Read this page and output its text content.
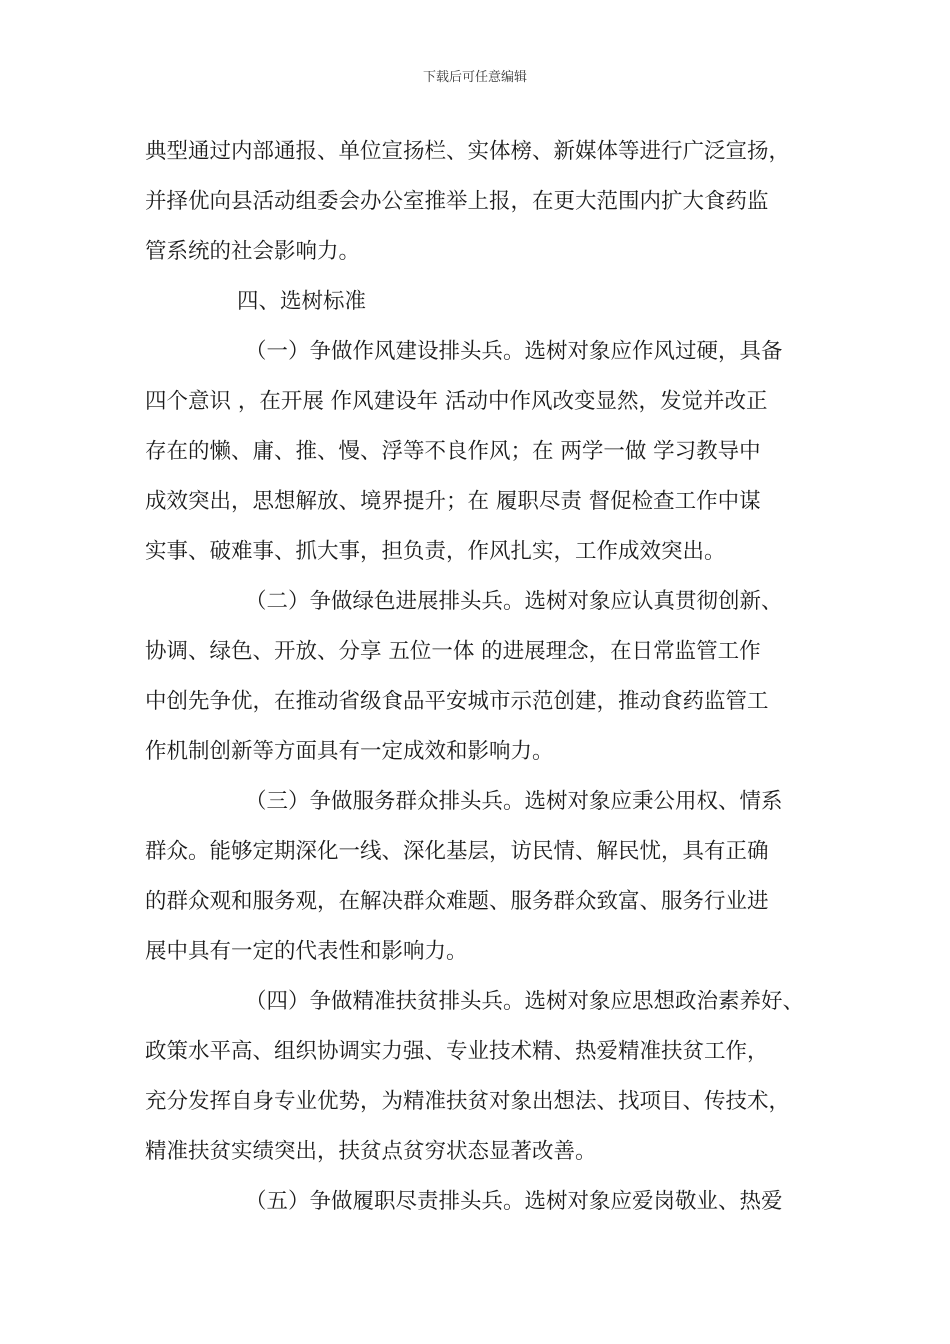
下载后可任意编辑
典型通过内部通报、单位宣扬栏、实体榜、新媒体等进行广泛宣扬，
并择优向县活动组委会办公室推举上报，在更大范围内扩大食药监
管系统的社会影响力。
四、选树标准
（一）争做作风建设排头兵。选树对象应作风过硬，具备
四个意识 ，在开展 作风建设年 活动中作风改变显然，发觉并改正
存在的懒、庸、推、慢、浮等不良作风；在 两学一做 学习教导中
成效突出，思想解放、境界提升；在 履职尽责 督促检查工作中谋
实事、破难事、抓大事，担负责，作风扎实，工作成效突出。
（二）争做绿色进展排头兵。选树对象应认真贯彻创新、
协调、绿色、开放、分享 五位一体 的进展理念，在日常监管工作
中创先争优，在推动省级食品平安城市示范创建，推动食药监管工
作机制创新等方面具有一定成效和影响力。
（三）争做服务群众排头兵。选树对象应秉公用权、情系
群众。能够定期深化一线、深化基层，访民情、解民忧，具有正确
的群众观和服务观，在解决群众难题、服务群众致富、服务行业进
展中具有一定的代表性和影响力。
（四）争做精准扶贫排头兵。选树对象应思想政治素养好、
政策水平高、组织协调实力强、专业技术精、热爱精准扶贫工作，
充分发挥自身专业优势，为精准扶贫对象出想法、找项目、传技术，
精准扶贫实绩突出，扶贫点贫穷状态显著改善。
（五）争做履职尽责排头兵。选树对象应爱岗敬业、热爱
